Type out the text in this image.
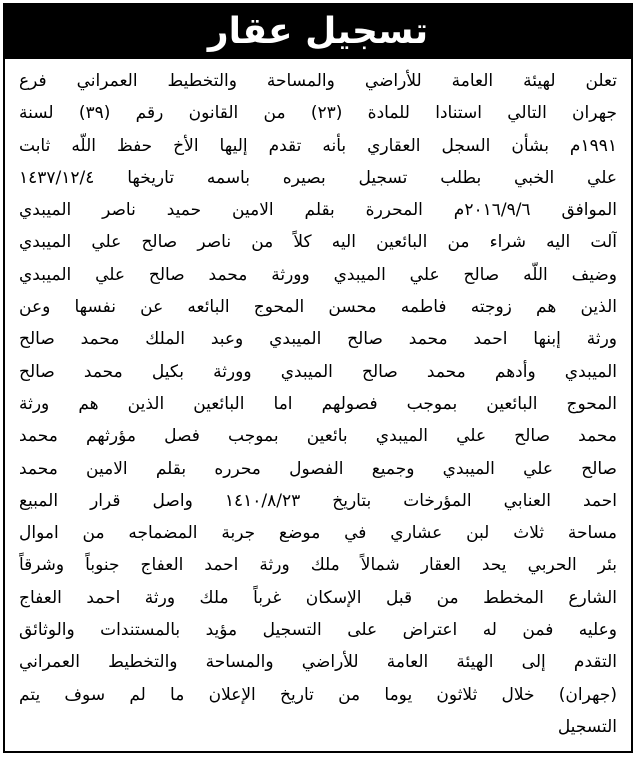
تسجيل عقار
تعلن لهيئة العامة للأراضي والمساحة والتخطيط العمراني فرع
جهران التالي استنادا للمادة (٢٣) من القانون رقم (٣٩) لسنة
١٩٩١م بشأن السجل العقاري بأنه تقدم إليها الأخ حفظ اللّه ثابت
علي الخبي بطلب تسجيل بصيره باسمه تاريخها ١٤٣٧/١٢/٤
الموافق ٢٠١٦/٩/٦م المحررة بقلم الامين حميد ناصر الميبدي
آلت اليه شراء من البائعين اليه كلاً من ناصر صالح علي الميبدي
وضيف اللّه صالح علي الميبدي وورثة محمد صالح علي الميبدي
الذين هم زوجته فاطمه محسن المحوج البائعه عن نفسها وعن
ورثة إبنها احمد محمد صالح الميبدي وعبد الملك محمد صالح
الميبدي وأدهم محمد صالح الميبدي وورثة بكيل محمد صالح
المحوج البائعين بموجب فصولهم اما البائعين الذين هم ورثة
محمد صالح علي الميبدي بائعين بموجب فصل مؤرثهم محمد
صالح علي الميبدي وجميع الفصول محرره بقلم الامين محمد
احمد العنابي المؤرخات بتاريخ ١٤١٠/٨/٢٣ واصل قرار المبيع
مساحة ثلاث لبن عشاري في موضع جربة المضماجه من اموال
بئر الحربي يحد العقار شمالاً ملك ورثة احمد العفاج جنوباً وشرقاً
الشارع المخطط من قبل الإسكان غرباً ملك ورثة احمد العفاج
وعليه فمن له اعتراض على التسجيل مؤيد بالمستندات والوثائق
التقدم إلى الهيئة العامة للأراضي والمساحة والتخطيط العمراني
(جهران) خلال ثلاثون يوما من تاريخ الإعلان ما لم سوف يتم
التسجيل
